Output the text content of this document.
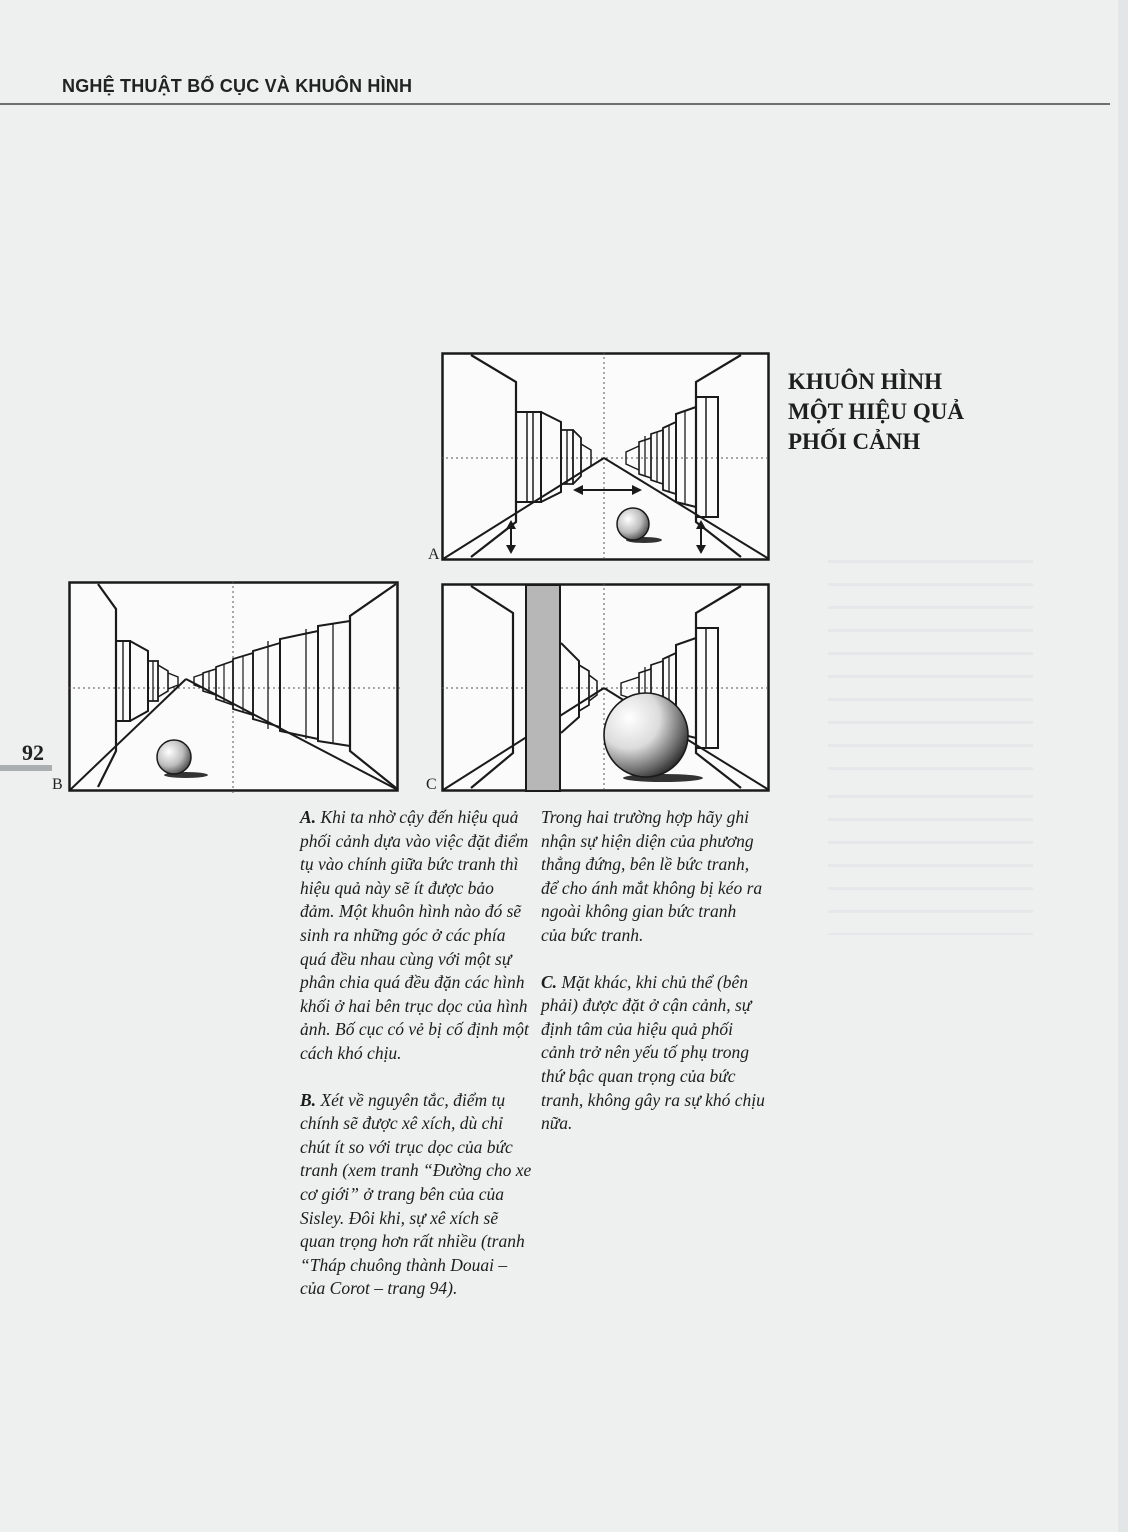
NGHỆ THUẬT BỐ CỤC VÀ KHUÔN HÌNH
KHUÔN HÌNH
MỘT HIỆU QUẢ
PHỐI CẢNH
A
B	C
92

A. Khi ta nhờ cậy đến hiệu quả phối cảnh dựa vào việc đặt điểm tụ vào chính giữa bức tranh thì hiệu quả này sẽ ít được bảo đảm. Một khuôn hình nào đó sẽ sinh ra những góc ở các phía quá đều nhau cùng với một sự phân chia quá đều đặn các hình khối ở hai bên trục dọc của hình ảnh. Bố cục có vẻ bị cố định một cách khó chịu.

B. Xét về nguyên tắc, điểm tụ chính sẽ được xê xích, dù chỉ chút ít so với trục dọc của bức tranh (xem tranh “Đường cho xe cơ giới” ở trang bên của của Sisley. Đôi khi, sự xê xích sẽ quan trọng hơn rất nhiều (tranh “Tháp chuông thành Douai – của Corot – trang 94).

Trong hai trường hợp hãy ghi nhận sự hiện diện của phương thẳng đứng, bên lề bức tranh, để cho ánh mắt không bị kéo ra ngoài không gian bức tranh của bức tranh.

C. Mặt khác, khi chủ thể (bên phải) được đặt ở cận cảnh, sự định tâm của hiệu quả phối cảnh trở nên yếu tố phụ trong thứ bậc quan trọng của bức tranh, không gây ra sự khó chịu nữa.
